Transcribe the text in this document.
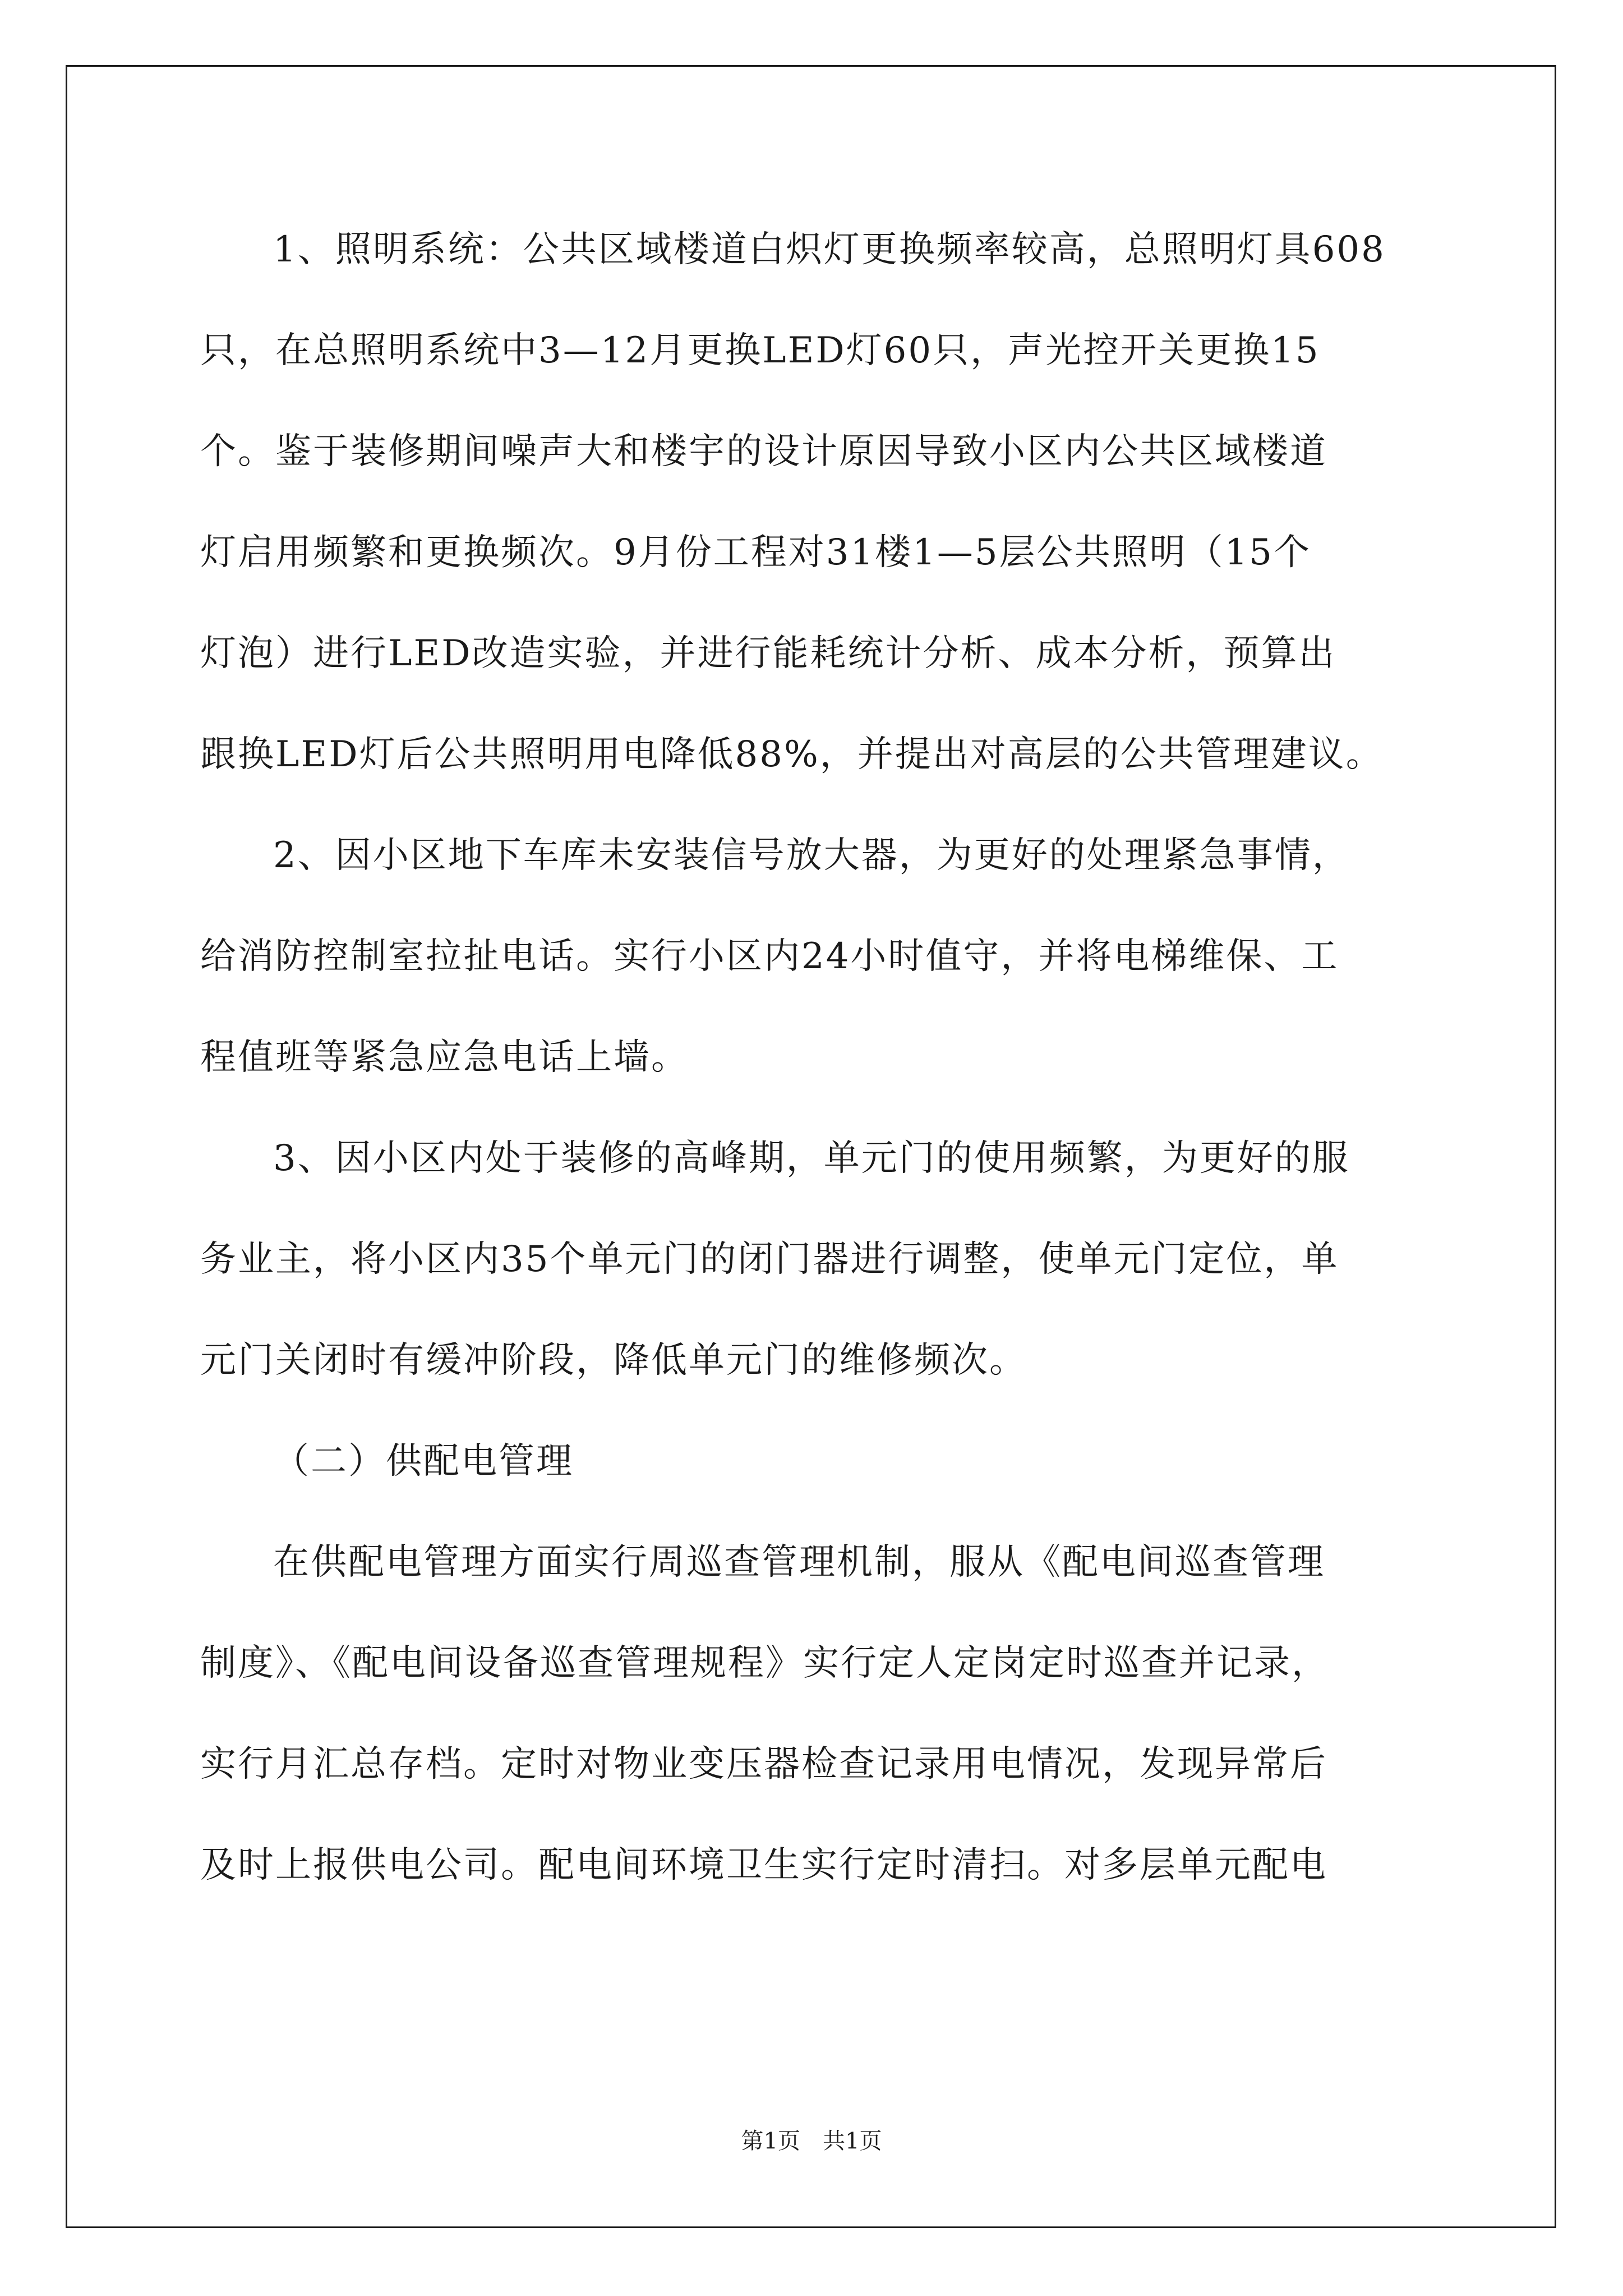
1、照明系统：公共区域楼道白炽灯更换频率较高，总照明灯具608
只，在总照明系统中3—12月更换LED灯60只，声光控开关更换15
个。鉴于装修期间噪声大和楼宇的设计原因导致小区内公共区域楼道
灯启用频繁和更换频次。9月份工程对31楼1—5层公共照明（15个
灯泡）进行LED改造实验，并进行能耗统计分析、成本分析，预算出
跟换LED灯后公共照明用电降低88%，并提出对高层的公共管理建议。
2、因小区地下车库未安装信号放大器，为更好的处理紧急事情，
给消防控制室拉扯电话。实行小区内24小时值守，并将电梯维保、工
程值班等紧急应急电话上墙。
3、因小区内处于装修的高峰期，单元门的使用频繁，为更好的服
务业主，将小区内35个单元门的闭门器进行调整，使单元门定位，单
元门关闭时有缓冲阶段，降低单元门的维修频次。
（二）供配电管理
在供配电管理方面实行周巡查管理机制，服从《配电间巡查管理
制度》、《配电间设备巡查管理规程》实行定人定岗定时巡查并记录，
实行月汇总存档。定时对物业变压器检查记录用电情况，发现异常后
及时上报供电公司。配电间环境卫生实行定时清扫。对多层单元配电
第1页　共1页
